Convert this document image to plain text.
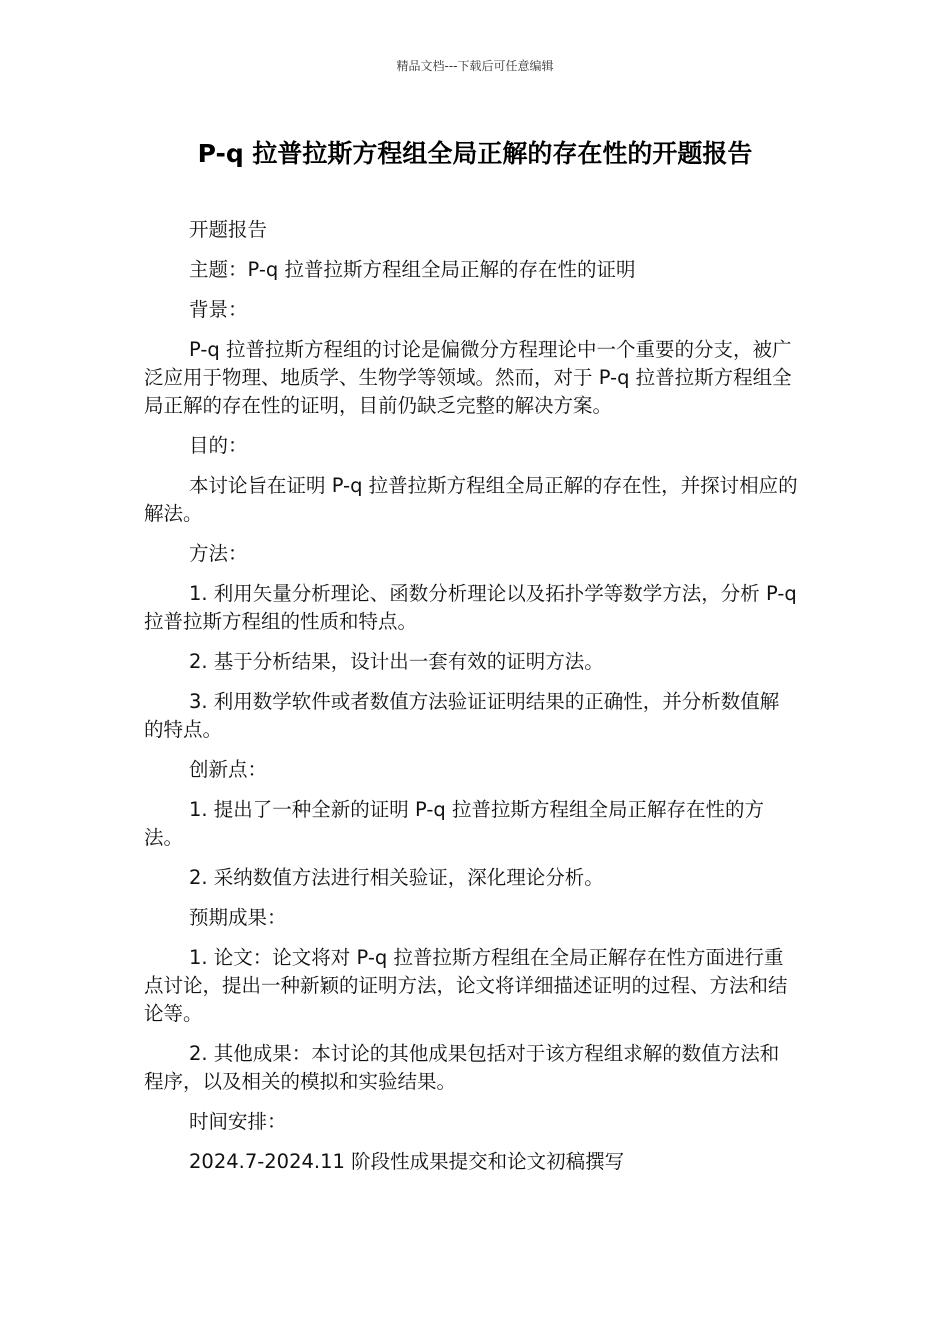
精品文档---下载后可任意编辑
P-q 拉普拉斯方程组全局正解的存在性的开题报告

开题报告

主题：P-q 拉普拉斯方程组全局正解的存在性的证明

背景：

P-q 拉普拉斯方程组的讨论是偏微分方程理论中一个重要的分支，被广泛应用于物理、地质学、生物学等领域。然而，对于 P-q 拉普拉斯方程组全局正解的存在性的证明，目前仍缺乏完整的解决方案。

目的：

本讨论旨在证明 P-q 拉普拉斯方程组全局正解的存在性，并探讨相应的解法。

方法：

1. 利用矢量分析理论、函数分析理论以及拓扑学等数学方法，分析 P-q 拉普拉斯方程组的性质和特点。

2. 基于分析结果，设计出一套有效的证明方法。

3. 利用数学软件或者数值方法验证证明结果的正确性，并分析数值解的特点。

创新点：

1. 提出了一种全新的证明 P-q 拉普拉斯方程组全局正解存在性的方法。

2. 采纳数值方法进行相关验证，深化理论分析。

预期成果：

1. 论文：论文将对 P-q 拉普拉斯方程组在全局正解存在性方面进行重点讨论，提出一种新颖的证明方法，论文将详细描述证明的过程、方法和结论等。

2. 其他成果：本讨论的其他成果包括对于该方程组求解的数值方法和程序，以及相关的模拟和实验结果。

时间安排：

2024.7-2024.11 阶段性成果提交和论文初稿撰写
